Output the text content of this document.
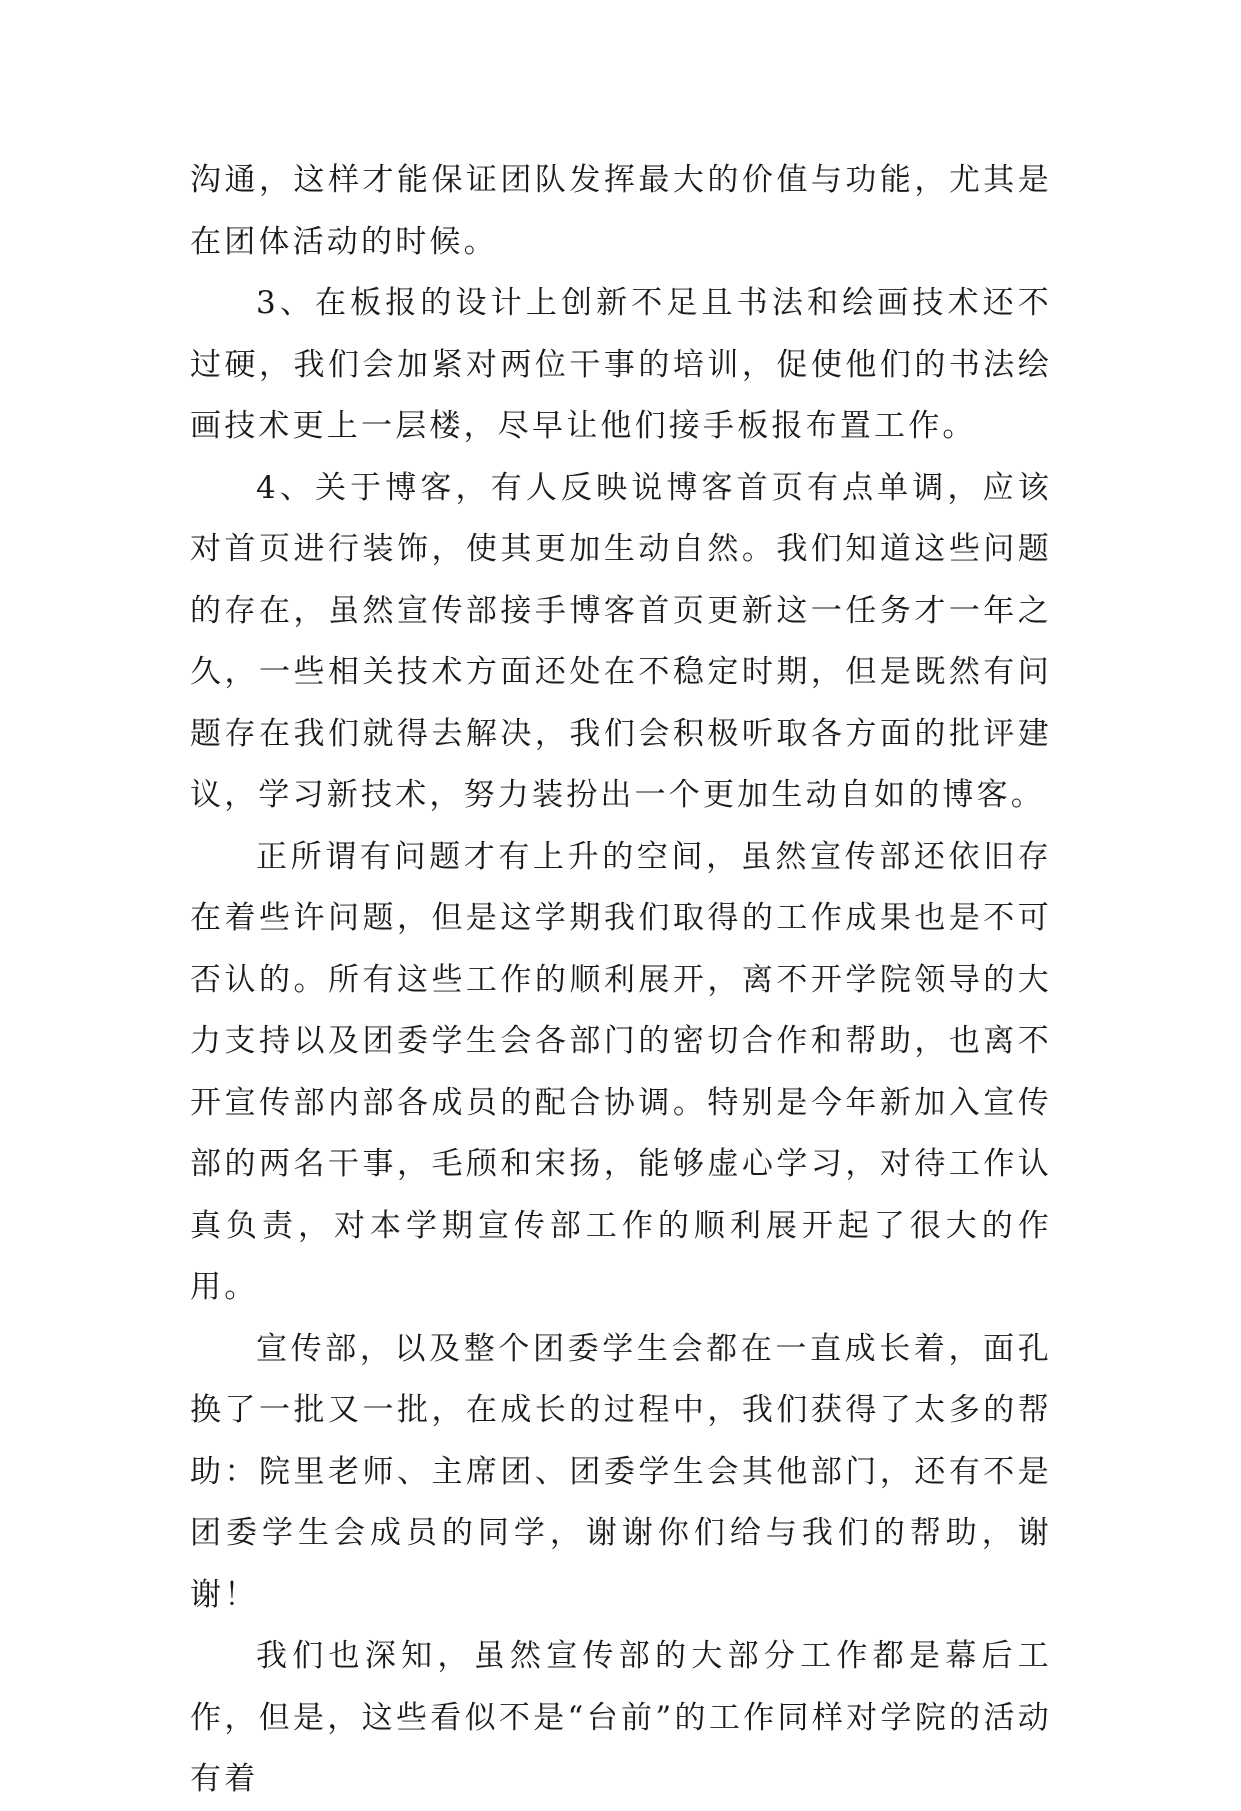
沟通，这样才能保证团队发挥最大的价值与功能，尤其是在团体活动的时候。

3、在板报的设计上创新不足且书法和绘画技术还不过硬，我们会加紧对两位干事的培训，促使他们的书法绘画技术更上一层楼，尽早让他们接手板报布置工作。

4、关于博客，有人反映说博客首页有点单调，应该对首页进行装饰，使其更加生动自然。我们知道这些问题的存在，虽然宣传部接手博客首页更新这一任务才一年之久，一些相关技术方面还处在不稳定时期，但是既然有问题存在我们就得去解决，我们会积极听取各方面的批评建议，学习新技术，努力装扮出一个更加生动自如的博客。

正所谓有问题才有上升的空间，虽然宣传部还依旧存在着些许问题，但是这学期我们取得的工作成果也是不可否认的。所有这些工作的顺利展开，离不开学院领导的大力支持以及团委学生会各部门的密切合作和帮助，也离不开宣传部内部各成员的配合协调。特别是今年新加入宣传部的两名干事，毛颀和宋扬，能够虚心学习，对待工作认真负责，对本学期宣传部工作的顺利展开起了很大的作用。

宣传部，以及整个团委学生会都在一直成长着，面孔换了一批又一批，在成长的过程中，我们获得了太多的帮助：院里老师、主席团、团委学生会其他部门，还有不是团委学生会成员的同学，谢谢你们给与我们的帮助，谢谢！

我们也深知，虽然宣传部的大部分工作都是幕后工作，但是，这些看似不是“台前”的工作同样对学院的活动有着
